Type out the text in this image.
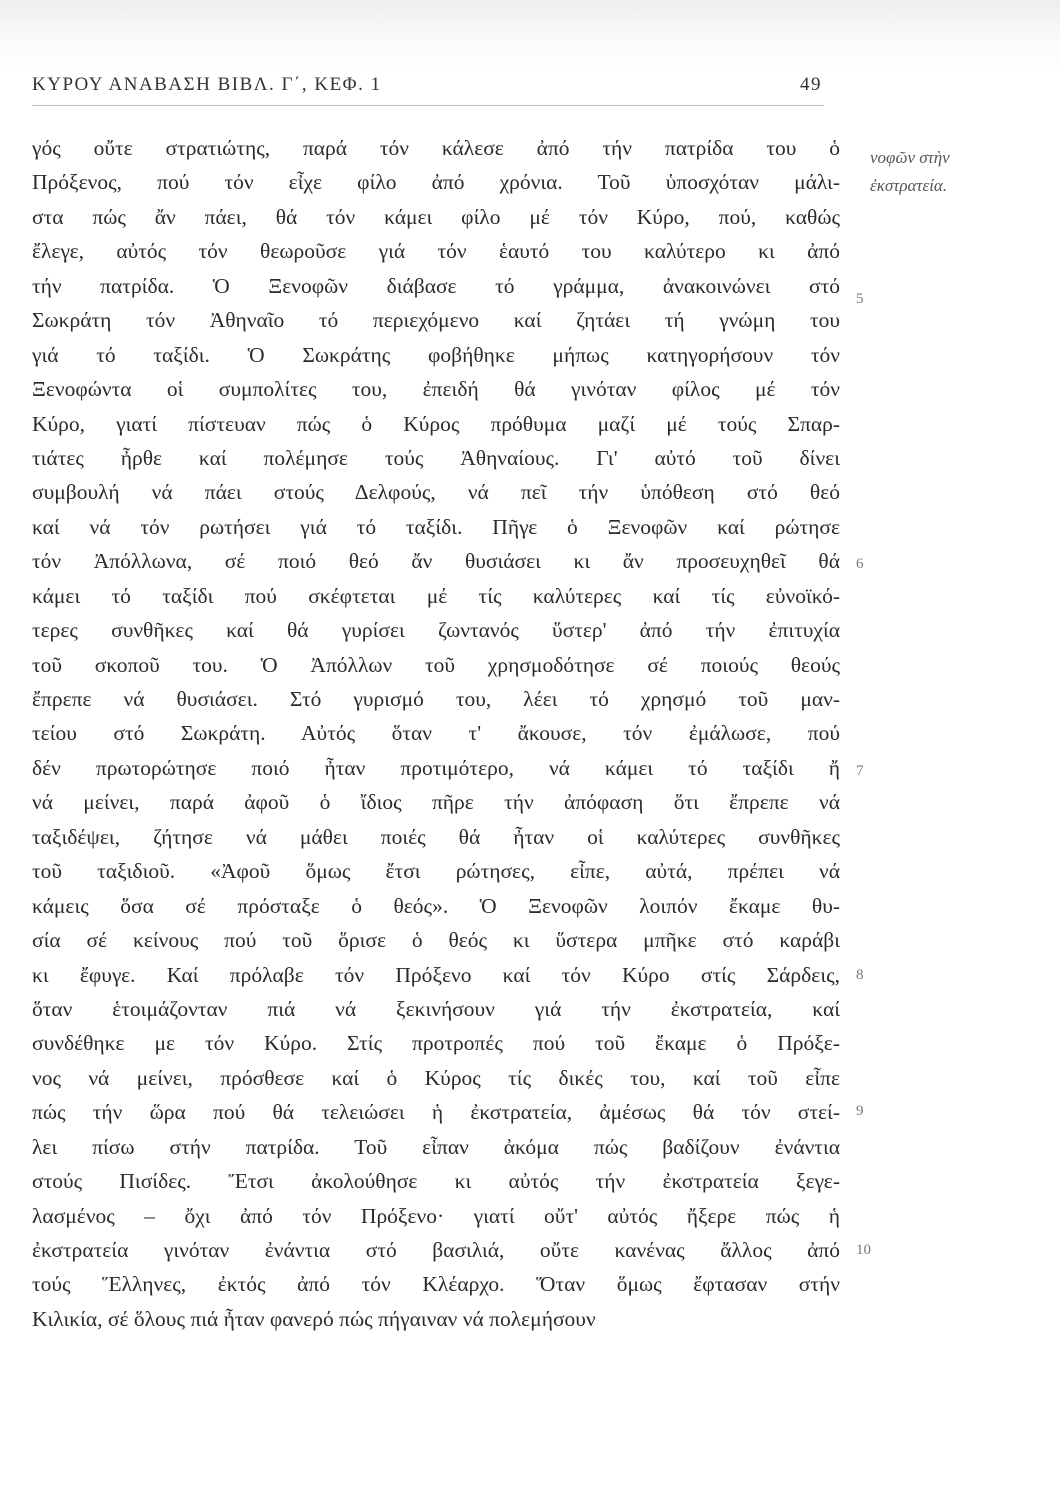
ΚΥΡΟΥ ΑΝΑΒΑΣΗ ΒΙΒΛ. Γ΄, ΚΕΦ. 1	49
νοφῶν στὴν
ἐκστρατεία.
5
6
7
8
9
10
γός οὔτε στρατιώτης, παρά τόν κάλεσε ἀπό τήν πατρίδα του ὁ
Πρόξενος, πού τόν εἶχε φίλο ἀπό χρόνια. Τοῦ ὑποσχόταν μάλι-
στα πώς ἄν πάει, θά τόν κάμει φίλο μέ τόν Κύρο, πού, καθώς
ἔλεγε, αὐτός τόν θεωροῦσε γιά τόν ἑαυτό του καλύτερο κι ἀπό
τήν πατρίδα. Ὁ Ξενοφῶν διάβασε τό γράμμα, ἀνακοινώνει στό
Σωκράτη τόν Ἀθηναῖο τό περιεχόμενο καί ζητάει τή γνώμη του
γιά τό ταξίδι. Ὁ Σωκράτης φοβήθηκε μήπως κατηγορήσουν τόν
Ξενοφώντα οἱ συμπολίτες του, ἐπειδή θά γινόταν φίλος μέ τόν
Κύρο, γιατί πίστευαν πώς ὁ Κύρος πρόθυμα μαζί μέ τούς Σπαρ-
τιάτες ἦρθε καί πολέμησε τούς Ἀθηναίους. Γι' αὐτό τοῦ δίνει
συμβουλή νά πάει στούς Δελφούς, νά πεῖ τήν ὑπόθεση στό θεό
καί νά τόν ρωτήσει γιά τό ταξίδι. Πῆγε ὁ Ξενοφῶν καί ρώτησε
τόν Ἀπόλλωνα, σέ ποιό θεό ἄν θυσιάσει κι ἄν προσευχηθεῖ θά
κάμει τό ταξίδι πού σκέφτεται μέ τίς καλύτερες καί τίς εὐνοϊκό-
τερες συνθῆκες καί θά γυρίσει ζωντανός ὕστερ' ἀπό τήν ἐπιτυχία
τοῦ σκοποῦ του. Ὁ Ἀπόλλων τοῦ χρησμοδότησε σέ ποιούς θεούς
ἔπρεπε νά θυσιάσει. Στό γυρισμό του, λέει τό χρησμό τοῦ μαν-
τείου στό Σωκράτη. Αὐτός ὅταν τ' ἄκουσε, τόν ἐμάλωσε, πού
δέν πρωτορώτησε ποιό ἦταν προτιμότερο, νά κάμει τό ταξίδι ἤ
νά μείνει, παρά ἀφοῦ ὁ ἴδιος πῆρε τήν ἀπόφαση ὅτι ἔπρεπε νά
ταξιδέψει, ζήτησε νά μάθει ποιές θά ἦταν οἱ καλύτερες συνθῆκες
τοῦ ταξιδιοῦ. «Ἀφοῦ ὅμως ἔτσι ρώτησες, εἶπε, αὐτά, πρέπει νά
κάμεις ὅσα σέ πρόσταξε ὁ θεός». Ὁ Ξενοφῶν λοιπόν ἔκαμε θυ-
σία σέ κείνους πού τοῦ ὅρισε ὁ θεός κι ὕστερα μπῆκε στό καράβι
κι ἔφυγε. Καί πρόλαβε τόν Πρόξενο καί τόν Κύρο στίς Σάρδεις,
ὅταν ἑτοιμάζονταν πιά νά ξεκινήσουν γιά τήν ἐκστρατεία, καί
συνδέθηκε με τόν Κύρο. Στίς προτροπές πού τοῦ ἔκαμε ὁ Πρόξε-
νος νά μείνει, πρόσθεσε καί ὁ Κύρος τίς δικές του, καί τοῦ εἶπε
πώς τήν ὥρα πού θά τελειώσει ἡ ἐκστρατεία, ἀμέσως θά τόν στεί-
λει πίσω στήν πατρίδα. Τοῦ εἶπαν ἀκόμα πώς βαδίζουν ἐνάντια
στούς Πισίδες. Ἔτσι ἀκολούθησε κι αὐτός τήν ἐκστρατεία ξεγε-
λασμένος – ὄχι ἀπό τόν Πρόξενο· γιατί οὔτ' αὐτός ἤξερε πώς ἡ
ἐκστρατεία γινόταν ἐνάντια στό βασιλιά, οὔτε κανένας ἄλλος ἀπό
τούς Ἕλληνες, ἐκτός ἀπό τόν Κλέαρχο. Ὅταν ὅμως ἔφτασαν στήν
Κιλικία, σέ ὅλους πιά ἦταν φανερό πώς πήγαιναν νά πολεμήσουν
